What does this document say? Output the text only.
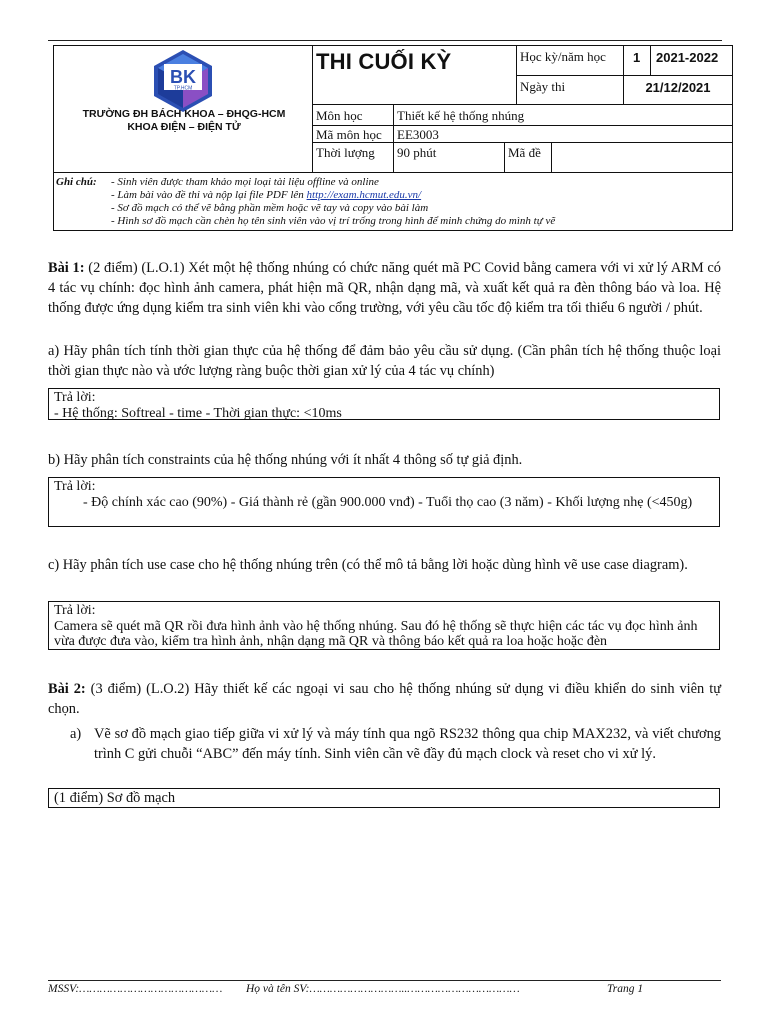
BK
TP.HCM
TRƯỜNG ĐH BÁCH KHOA – ĐHQG-HCM
KHOA ĐIỆN – ĐIỆN TỬ
THI CUỐI KỲ	Học kỳ/năm học 1 2021-2022
Ngày thi	21/12/2021
Môn học	Thiết kế hệ thống nhúng
Mã môn học EE3003
Thời lượng 90 phút	Mã đề
Ghi chú: - Sinh viên được tham khảo mọi loại tài liệu offline và online
- Làm bài vào đề thi và nộp lại file PDF lên http://exam.hcmut.edu.vn/
- Sơ đồ mạch có thể vẽ bằng phần mềm hoặc vẽ tay và copy vào bài làm
- Hình sơ đồ mạch cần chèn họ tên sinh viên vào vị trí trống trong hình để minh chứng do mình tự vẽ
Bài 1: (2 điểm) (L.O.1) Xét một hệ thống nhúng có chức năng quét mã PC Covid bằng camera với vi xử lý ARM có 4 tác vụ chính: đọc hình ảnh camera, phát hiện mã QR, nhận dạng mã, và xuất kết quả ra đèn thông báo và loa. Hệ thống được ứng dụng kiểm tra sinh viên khi vào cổng trường, với yêu cầu tốc độ kiểm tra tối thiểu 6 người / phút.
a) Hãy phân tích tính thời gian thực của hệ thống để đảm bảo yêu cầu sử dụng. (Cần phân tích hệ thống thuộc loại thời gian thực nào và ước lượng ràng buộc thời gian xử lý của 4 tác vụ chính)
Trả lời:
- Hệ thống: Softreal - time - Thời gian thực: <10ms
b) Hãy phân tích constraints của hệ thống nhúng với ít nhất 4 thông số tự giả định.
Trả lời:
- Độ chính xác cao (90%) - Giá thành rẻ (gần 900.000 vnđ) - Tuổi thọ cao (3 năm) - Khối lượng nhẹ (<450g)
c) Hãy phân tích use case cho hệ thống nhúng trên (có thể mô tả bằng lời hoặc dùng hình vẽ use case diagram).
Trả lời:
Camera sẽ quét mã QR rồi đưa hình ảnh vào hệ thống nhúng. Sau đó hệ thống sẽ thực hiện các tác vụ đọc hình ảnh vừa được đưa vào, kiểm tra hình ảnh, nhận dạng mã QR và thông báo kết quả ra loa hoặc hoặc đèn
Bài 2: (3 điểm) (L.O.2) Hãy thiết kế các ngoại vi sau cho hệ thống nhúng sử dụng vi điều khiển do sinh viên tự chọn.
a) Vẽ sơ đồ mạch giao tiếp giữa vi xử lý và máy tính qua ngõ RS232 thông qua chip MAX232, và viết chương trình C gửi chuỗi “ABC” đến máy tính. Sinh viên cần vẽ đầy đủ mạch clock và reset cho vi xử lý.
(1 điểm) Sơ đồ mạch
MSSV:…………………………………… Họ và tên SV:………………………..……………………………	Trang 1
